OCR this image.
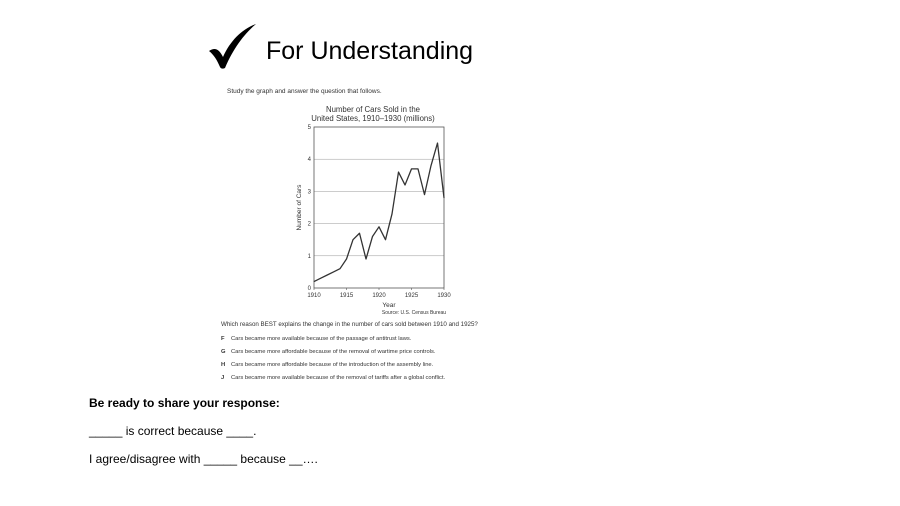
For Understanding
Study the graph and answer the question that follows.
Number of Cars Sold in the
United States, 1910–1930 (millions)
0
1
2
3
4
5
1910	1915	1920	1925	1930
Number of Cars
Year
Source: U.S. Census Bureau
Which reason BEST explains the change in the number of cars sold between 1910 and 1925?
F Cars became more available because of the passage of antitrust laws.
G Cars became more affordable because of the removal of wartime price controls.
H Cars became more affordable because of the introduction of the assembly line.
J Cars became more available because of the removal of tariffs after a global conflict.
Be ready to share your response:
_____ is correct because ____.
I agree/disagree with _____ because __….
